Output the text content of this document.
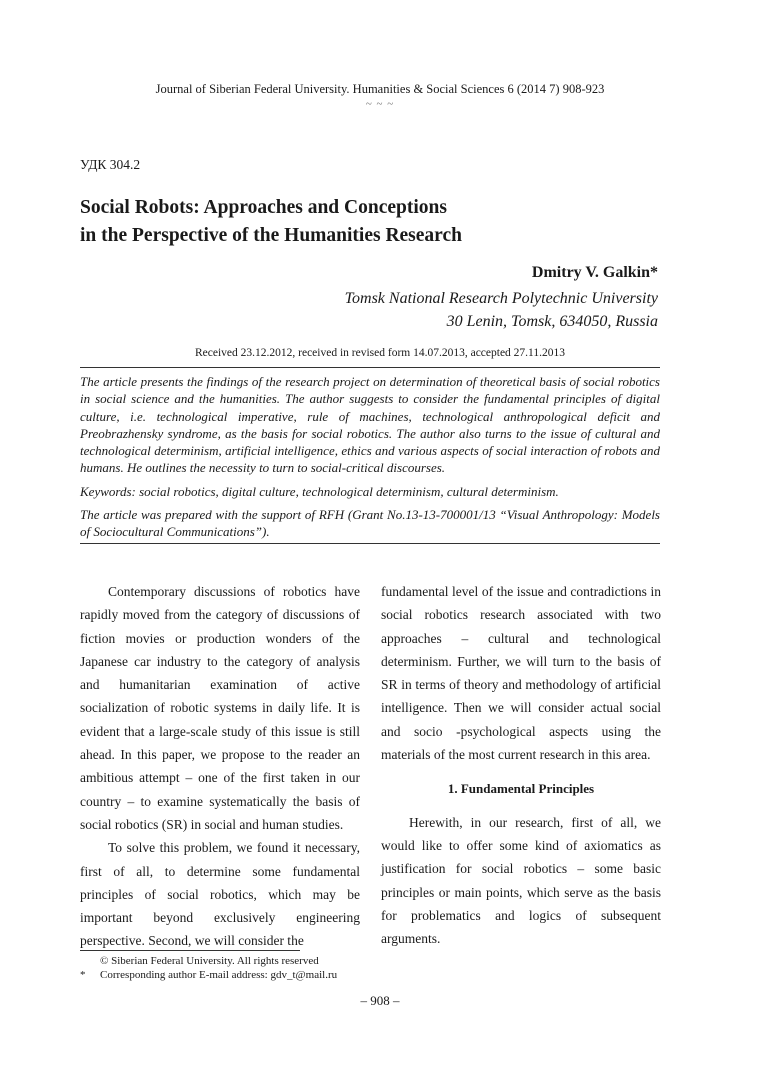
Journal of Siberian Federal University. Humanities & Social Sciences 6 (2014 7) 908-923
~ ~ ~
УДК 304.2
Social Robots: Approaches and Conceptions
in the Perspective of the Humanities Research
Dmitry V. Galkin*
Tomsk National Research Polytechnic University
30 Lenin, Tomsk, 634050, Russia
Received 23.12.2012, received in revised form 14.07.2013, accepted 27.11.2013

The article presents the findings of the research project on determination of theoretical basis of social robotics in social science and the humanities. The author suggests to consider the fundamental principles of digital culture, i.e. technological imperative, rule of machines, technological anthropological deficit and Preobrazhensky syndrome, as the basis for social robotics. The author also turns to the issue of cultural and technological determinism, artificial intelligence, ethics and various aspects of social interaction of robots and humans. He outlines the necessity to turn to social-critical discourses.

Keywords: social robotics, digital culture, technological determinism, cultural determinism.

The article was prepared with the support of RFH (Grant No.13-13-700001/13 “Visual Anthropology: Models of Sociocultural Communications”).

Contemporary discussions of robotics have rapidly moved from the category of discussions of fiction movies or production wonders of the Japanese car industry to the category of analysis and humanitarian examination of active socialization of robotic systems in daily life. It is evident that a large-scale study of this issue is still ahead. In this paper, we propose to the reader an ambitious attempt – one of the first taken in our country – to examine systematically the basis of social robotics (SR) in social and human studies.

To solve this problem, we found it necessary, first of all, to determine some fundamental principles of social robotics, which may be important beyond exclusively engineering perspective. Second, we will consider the

fundamental level of the issue and contradictions in social robotics research associated with two approaches – cultural and technological determinism. Further, we will turn to the basis of SR in terms of theory and methodology of artificial intelligence. Then we will consider actual social and socio -psychological aspects using the materials of the most current research in this area.

1. Fundamental Principles

Herewith, in our research, first of all, we would like to offer some kind of axiomatics as justification for social robotics – some basic principles or main points, which serve as the basis for problematics and logics of subsequent arguments.

© Siberian Federal University. All rights reserved
* Corresponding author E-mail address: gdv_t@mail.ru
– 908 –
